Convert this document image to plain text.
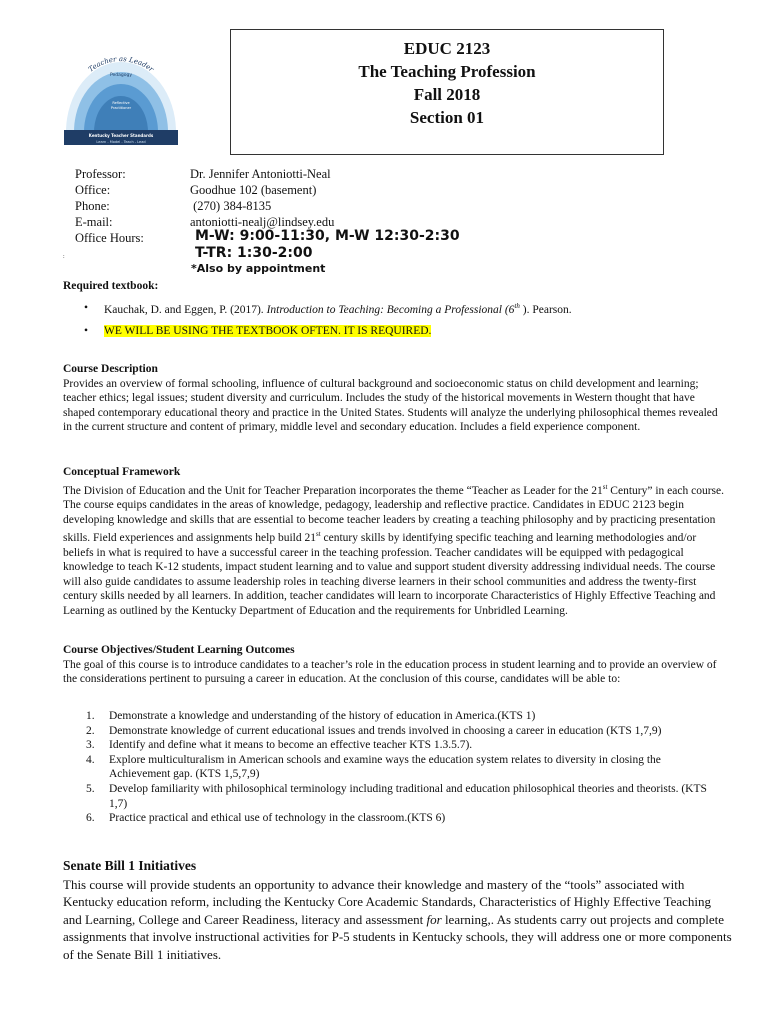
Teacher as Leader
Pedagogy
Reflective
Practitioner
Kentucky Teacher Standards
Learn - Model - Teach - Lead
EDUC 2123
The Teaching Profession
Fall 2018
Section 01
Professor:	Dr. Jennifer Antoniotti-Neal
Office:	Goodhue 102 (basement)
Phone:	(270) 384-8135
E-mail:	antoniotti-nealj@lindsey.edu
Office Hours:	M-W: 9:00-11:30, M-W 12:30-2:30
T-TR: 1:30-2:00
:
*Also by appointment
Required textbook:
• Kauchak, D. and Eggen, P. (2017). Introduction to Teaching: Becoming a Professional (6th ). Pearson.
• WE WILL BE USING THE TEXTBOOK OFTEN. IT IS REQUIRED.
Course Description

Provides an overview of formal schooling, influence of cultural background and socioeconomic status on child development and learning; teacher ethics; legal issues; student diversity and curriculum. Includes the study of the historical movements in Western thought that have shaped contemporary educational theory and practice in the United States. Students will analyze the underlying philosophical themes revealed in the current structure and content of primary, middle level and secondary education. Includes a field experience component.

Conceptual Framework

The Division of Education and the Unit for Teacher Preparation incorporates the theme “Teacher as Leader for the 21st Century” in each course. The course equips candidates in the areas of knowledge, pedagogy, leadership and reflective practice. Candidates in EDUC 2123 begin developing knowledge and skills that are essential to become teacher leaders by creating a teaching philosophy and by practicing presentation skills. Field experiences and assignments help build 21st century skills by identifying specific teaching and learning methodologies and/or beliefs in what is required to have a successful career in the teaching profession. Teacher candidates will be equipped with pedagogical knowledge to teach K-12 students, impact student learning and to value and support student diversity addressing individual needs. The course will also guide candidates to assume leadership roles in teaching diverse learners in their school communities and address the twenty-first century skills needed by all learners. In addition, teacher candidates will learn to incorporate Characteristics of Highly Effective Teaching and Learning as outlined by the Kentucky Department of Education and the requirements for Unbridled Learning.

Course Objectives/Student Learning Outcomes

The goal of this course is to introduce candidates to a teacher’s role in the education process in student learning and to provide an overview of the considerations pertinent to pursuing a career in education. At the conclusion of this course, candidates will be able to:

1. Demonstrate a knowledge and understanding of the history of education in America.(KTS 1)
2. Demonstrate knowledge of current educational issues and trends involved in choosing a career in education (KTS 1,7,9)
3. Identify and define what it means to become an effective teacher KTS 1.3.5.7).
4. Explore multiculturalism in American schools and examine ways the education system relates to diversity in closing the Achievement gap. (KTS 1,5,7,9)
5. Develop familiarity with philosophical terminology including traditional and education philosophical theories and theorists. (KTS 1,7)
6. Practice practical and ethical use of technology in the classroom.(KTS 6)
Senate Bill 1 Initiatives

This course will provide students an opportunity to advance their knowledge and mastery of the “tools” associated with Kentucky education reform, including the Kentucky Core Academic Standards, Characteristics of Highly Effective Teaching and Learning, College and Career Readiness, literacy and assessment for learning,. As students carry out projects and complete assignments that involve instructional activities for P-5 students in Kentucky schools, they will address one or more components of the Senate Bill 1 initiatives.
